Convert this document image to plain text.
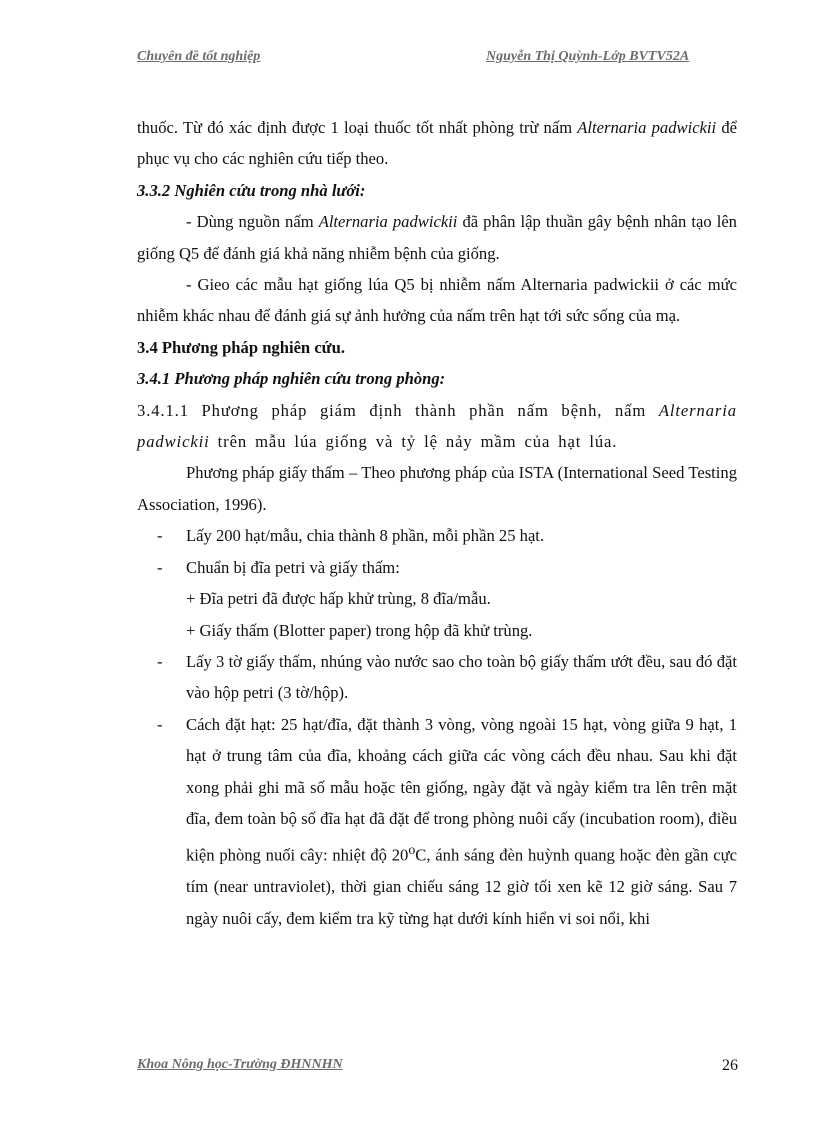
Chuyên đề tốt nghiệp	Nguyễn Thị Quỳnh-Lớp BVTV52A

thuốc. Từ đó xác định được 1 loại thuốc tốt nhất phòng trừ nấm Alternaria padwickii để phục vụ cho các nghiên cứu tiếp theo.

3.3.2 Nghiên cứu trong nhà lưới:

- Dùng nguồn nấm Alternaria padwickii đã phân lập thuần gây bệnh nhân tạo lên giống Q5 để đánh giá khả năng nhiễm bệnh của giống.

- Gieo các mẫu hạt giống lúa Q5 bị nhiễm nấm Alternaria padwickii ở các mức nhiễm khác nhau để đánh giá sự ảnh hưởng của nấm trên hạt tới sức sống của mạ.

3.4 Phương pháp nghiên cứu.

3.4.1 Phương pháp nghiên cứu trong phòng:

3.4.1.1 Phương pháp giám định thành phần nấm bệnh, nấm Alternaria padwickii trên mẫu lúa giống và tỷ lệ nảy mầm của hạt lúa.

Phương pháp giấy thấm – Theo phương pháp của ISTA (International Seed Testing Association, 1996).

-	Lấy 200 hạt/mẫu, chia thành 8 phần, mỗi phần 25 hạt.
-	Chuẩn bị đĩa petri và giấy thấm:

+ Đĩa petri đã được hấp khử trùng, 8 đĩa/mẫu.

+ Giấy thấm (Blotter paper) trong hộp đã khử trùng.

-	Lấy 3 tờ giấy thấm, nhúng vào nước sao cho toàn bộ giấy thấm ướt đều, sau đó đặt vào hộp petri (3 tờ/hộp).
-	Cách đặt hạt: 25 hạt/đĩa, đặt thành 3 vòng, vòng ngoài 15 hạt, vòng giữa 9 hạt, 1 hạt ở trung tâm của đĩa, khoảng cách giữa các vòng cách đều nhau. Sau khi đặt xong phải ghi mã số mẫu hoặc tên giống, ngày đặt và ngày kiểm tra lên trên mặt đĩa, đem toàn bộ số đĩa hạt đã đặt để trong phòng nuôi cấy (incubation room), điều kiện phòng nuối cây: nhiệt độ 20$^o$C, ánh sáng đèn huỳnh quang hoặc đèn gần cực tím (near untraviolet), thời gian chiếu sáng 12 giờ tối xen kẽ 12 giờ sáng. Sau 7 ngày nuôi cấy, đem kiểm tra kỹ từng hạt dưới kính hiển vi soi nổi, khi
Khoa Nông học-Trường ĐHNNHN	26
